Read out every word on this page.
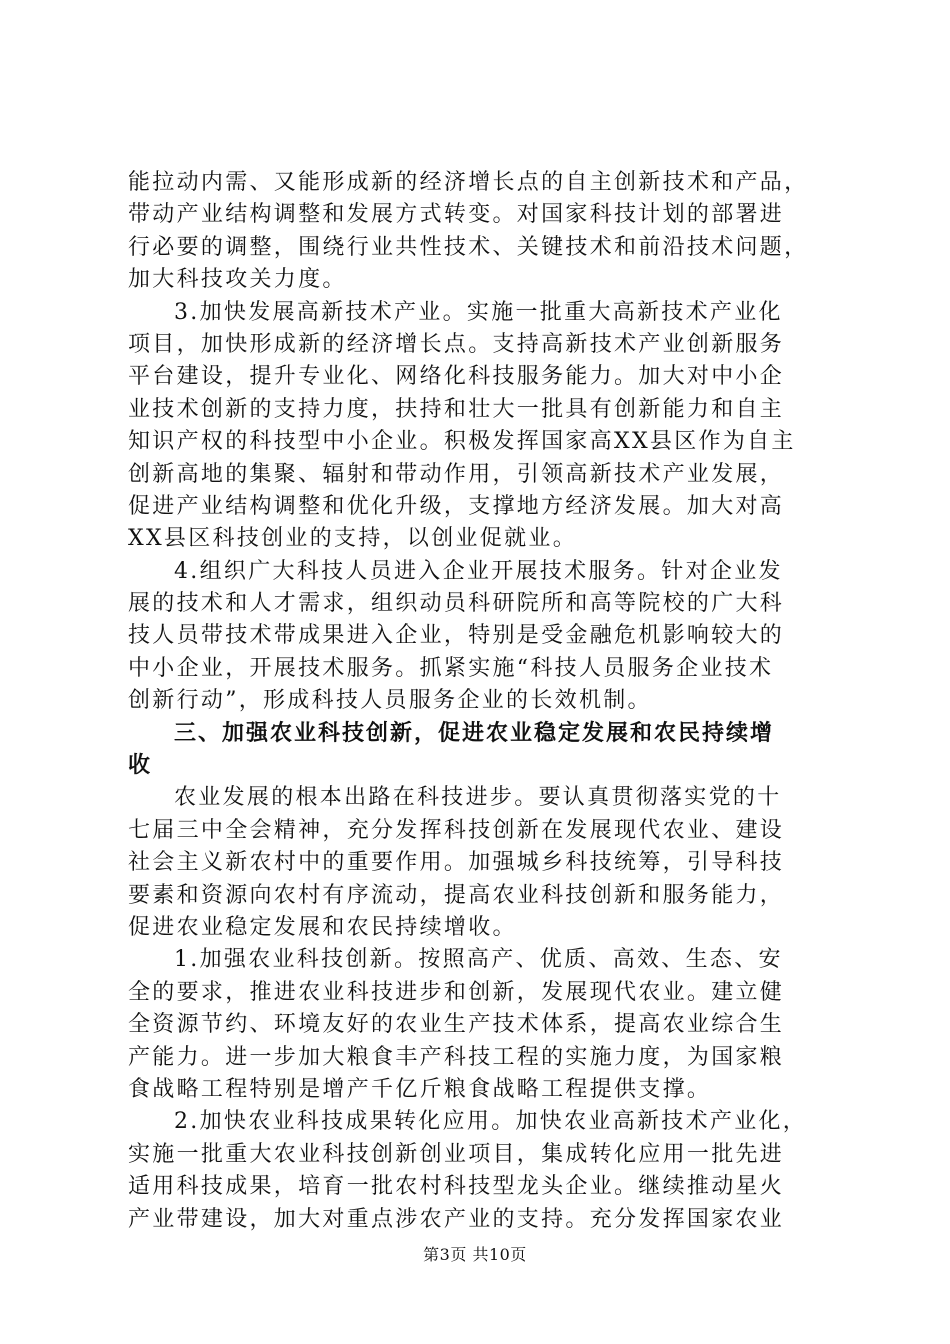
能拉动内需、又能形成新的经济增长点的自主创新技术和产品，
带动产业结构调整和发展方式转变。对国家科技计划的部署进
行必要的调整，围绕行业共性技术、关键技术和前沿技术问题，
加大科技攻关力度。
3.加快发展高新技术产业。实施一批重大高新技术产业化
项目，加快形成新的经济增长点。支持高新技术产业创新服务
平台建设，提升专业化、网络化科技服务能力。加大对中小企
业技术创新的支持力度，扶持和壮大一批具有创新能力和自主
知识产权的科技型中小企业。积极发挥国家高XX县区作为自主
创新高地的集聚、辐射和带动作用，引领高新技术产业发展，
促进产业结构调整和优化升级，支撑地方经济发展。加大对高
XX县区科技创业的支持，以创业促就业。
4.组织广大科技人员进入企业开展技术服务。针对企业发
展的技术和人才需求，组织动员科研院所和高等院校的广大科
技人员带技术带成果进入企业，特别是受金融危机影响较大的
中小企业，开展技术服务。抓紧实施“科技人员服务企业技术
创新行动”，形成科技人员服务企业的长效机制。
三、加强农业科技创新，促进农业稳定发展和农民持续增
收
农业发展的根本出路在科技进步。要认真贯彻落实党的十
七届三中全会精神，充分发挥科技创新在发展现代农业、建设
社会主义新农村中的重要作用。加强城乡科技统筹，引导科技
要素和资源向农村有序流动，提高农业科技创新和服务能力，
促进农业稳定发展和农民持续增收。
1.加强农业科技创新。按照高产、优质、高效、生态、安
全的要求，推进农业科技进步和创新，发展现代农业。建立健
全资源节约、环境友好的农业生产技术体系，提高农业综合生
产能力。进一步加大粮食丰产科技工程的实施力度，为国家粮
食战略工程特别是增产千亿斤粮食战略工程提供支撑。
2.加快农业科技成果转化应用。加快农业高新技术产业化，
实施一批重大农业科技创新创业项目，集成转化应用一批先进
适用科技成果，培育一批农村科技型龙头企业。继续推动星火
产业带建设，加大对重点涉农产业的支持。充分发挥国家农业
第3页 共10页
